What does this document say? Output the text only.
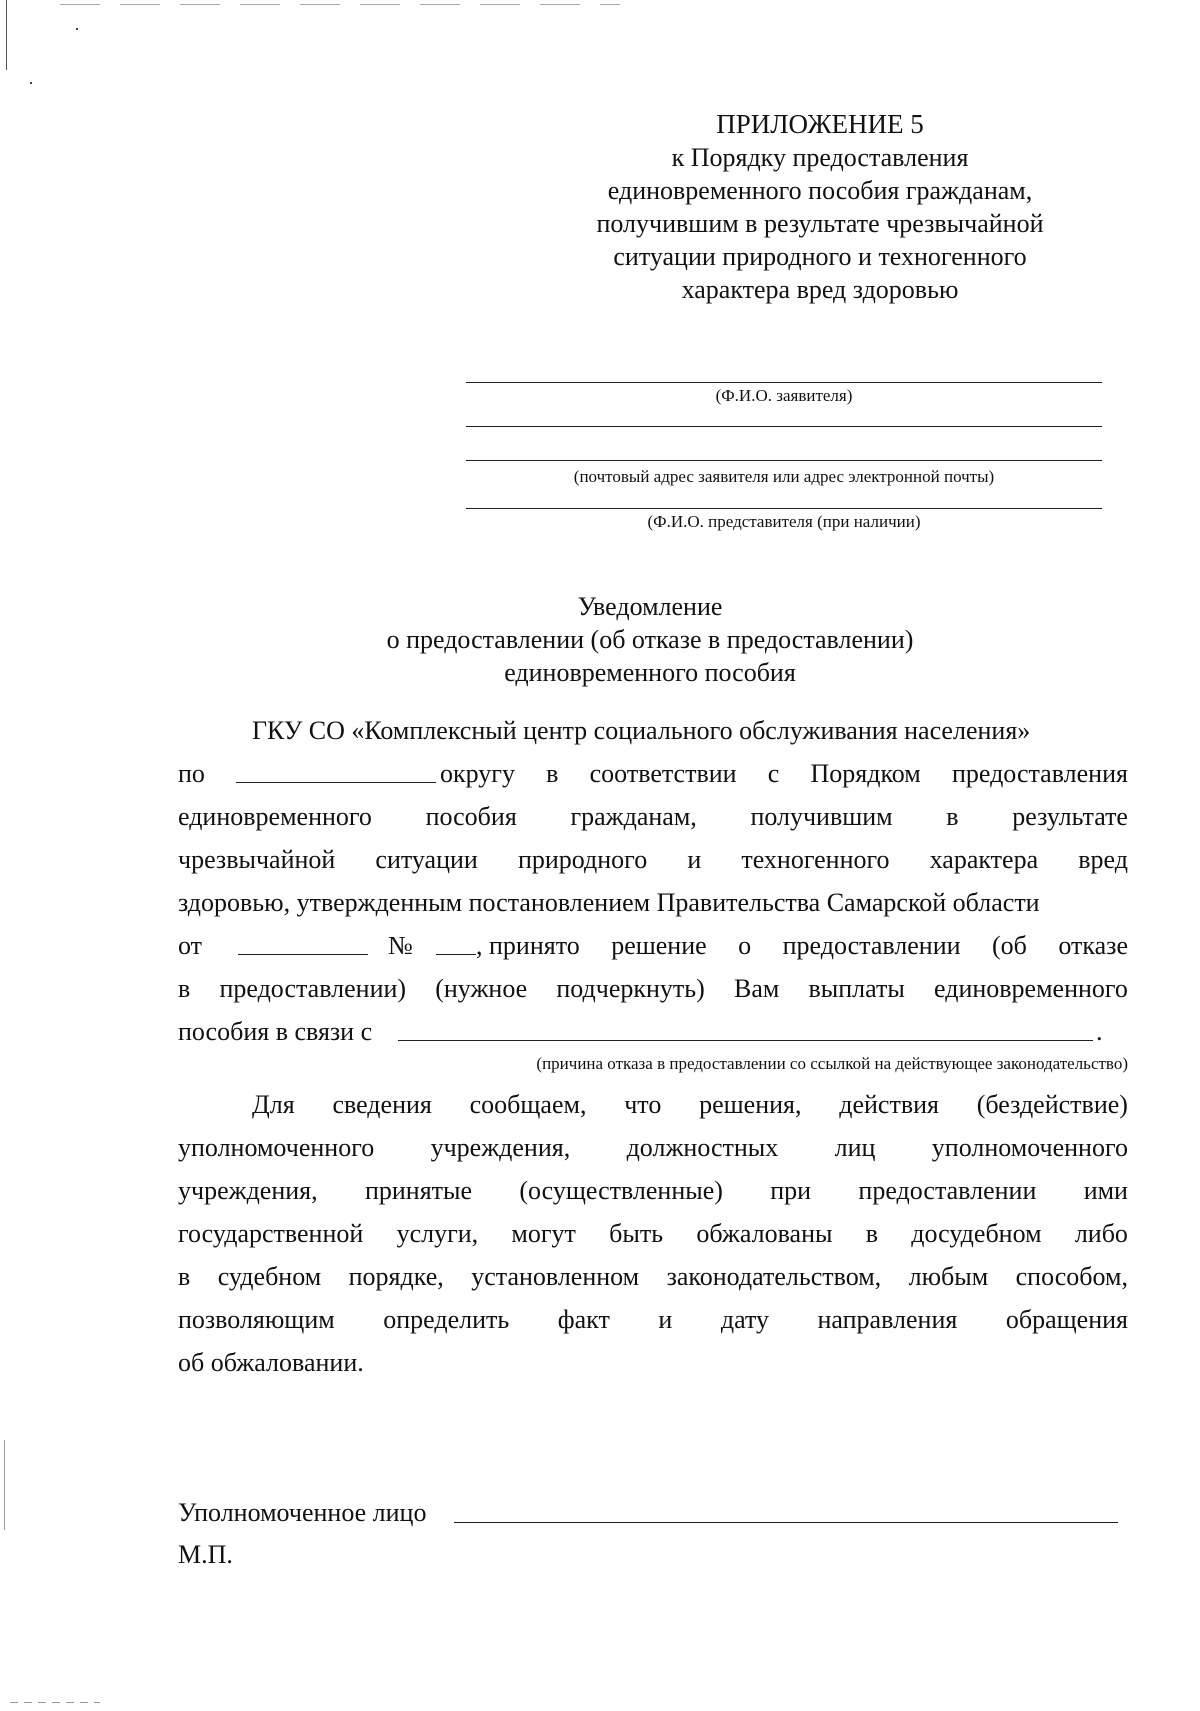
ПРИЛОЖЕНИЕ 5
к Порядку предоставления
единовременного пособия гражданам,
получившим в результате чрезвычайной
ситуации природного и техногенного
характера вред здоровью
(Ф.И.О. заявителя)
(почтовый адрес заявителя или адрес электронной почты)
(Ф.И.О. представителя (при наличии)
Уведомление
о предоставлении (об отказе в предоставлении)
единовременного пособия
ГКУ СО «Комплексный центр социального обслуживания населения»
по	округу в соответствии с Порядком предоставления
единовременного пособия гражданам, получившим в результате
чрезвычайной ситуации природного и техногенного характера вред
здоровью, утвержденным постановлением Правительства Самарской области
от	№ , принято решение о предоставлении (об отказе
в предоставлении) (нужное подчеркнуть) Вам выплаты единовременного
пособия в связи с	.
(причина отказа в предоставлении со ссылкой на действующее законодательство)
Для сведения сообщаем, что решения, действия (бездействие)
уполномоченного учреждения, должностных лиц уполномоченного
учреждения, принятые (осуществленные) при предоставлении ими
государственной услуги, могут быть обжалованы в досудебном либо
в судебном порядке, установленном законодательством, любым способом,
позволяющим определить факт и дату направления обращения
об обжаловании.
Уполномоченное лицо
М.П.
